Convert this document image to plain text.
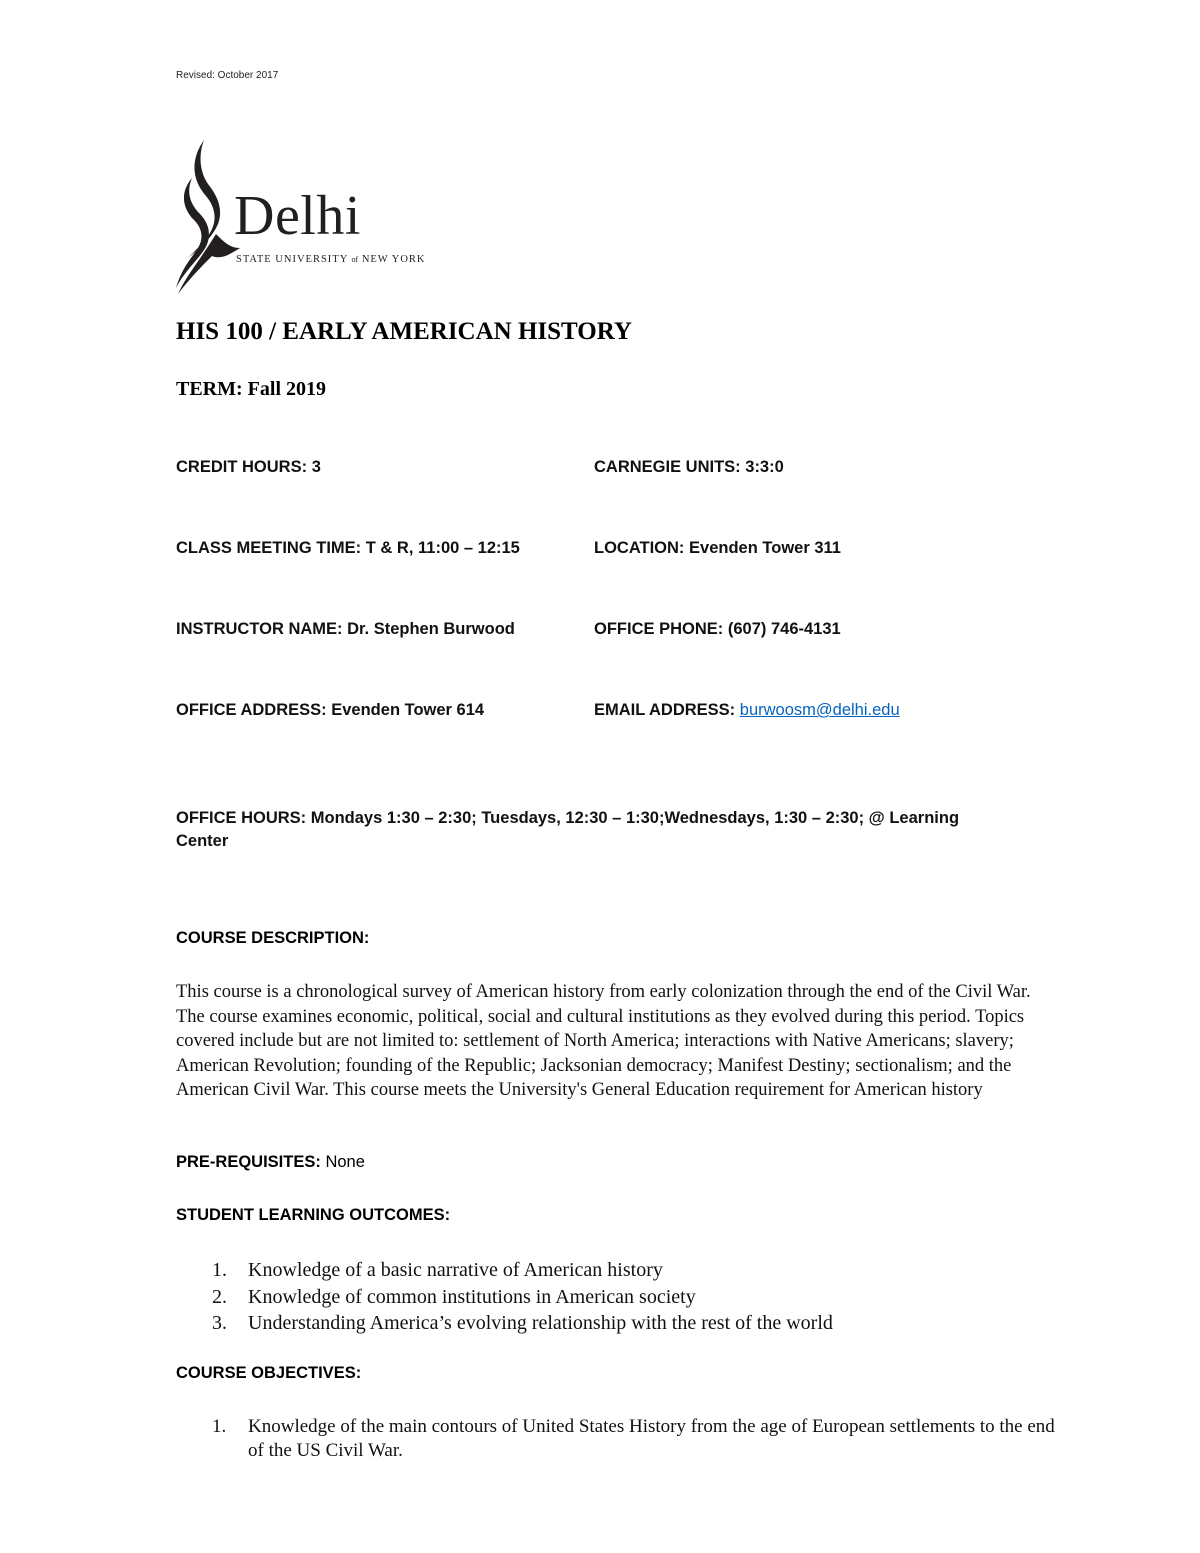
Revised: October 2017
Delhi
STATE UNIVERSITY of NEW YORK
HIS 100 / EARLY AMERICAN HISTORY
TERM: Fall 2019
CREDIT HOURS: 3	CARNEGIE UNITS: 3:3:0
CLASS MEETING TIME: T & R, 11:00 – 12:15	LOCATION: Evenden Tower 311
INSTRUCTOR NAME: Dr. Stephen Burwood	OFFICE PHONE: (607) 746-4131
OFFICE ADDRESS: Evenden Tower 614	EMAIL ADDRESS: burwoosm@delhi.edu
OFFICE HOURS: Mondays 1:30 – 2:30; Tuesdays, 12:30 – 1:30;Wednesdays, 1:30 – 2:30; @ Learning Center
COURSE DESCRIPTION:
This course is a chronological survey of American history from early colonization through the end of the Civil War. The course examines economic, political, social and cultural institutions as they evolved during this period. Topics covered include but are not limited to: settlement of North America; interactions with Native Americans; slavery; American Revolution; founding of the Republic; Jacksonian democracy; Manifest Destiny; sectionalism; and the American Civil War. This course meets the University's General Education requirement for American history
PRE-REQUISITES: None
STUDENT LEARNING OUTCOMES:
1. Knowledge of a basic narrative of American history
2. Knowledge of common institutions in American society
3. Understanding America’s evolving relationship with the rest of the world
COURSE OBJECTIVES:
1. Knowledge of the main contours of United States History from the age of European settlements to the end of the US Civil War.
